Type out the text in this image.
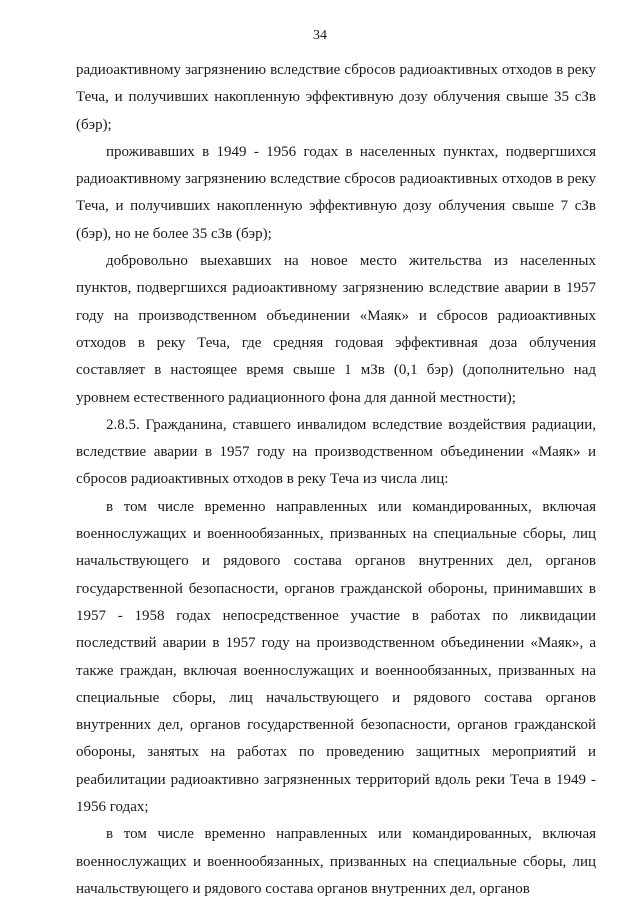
34

радиоактивному загрязнению вследствие сбросов радиоактивных отходов в реку Теча, и получивших накопленную эффективную дозу облучения свыше 35 сЗв (бэр);

проживавших в 1949 - 1956 годах в населенных пунктах, подвергшихся радиоактивному загрязнению вследствие сбросов радиоактивных отходов в реку Теча, и получивших накопленную эффективную дозу облучения свыше 7 сЗв (бэр), но не более 35 сЗв (бэр);

добровольно выехавших на новое место жительства из населенных пунктов, подвергшихся радиоактивному загрязнению вследствие аварии в 1957 году на производственном объединении «Маяк» и сбросов радиоактивных отходов в реку Теча, где средняя годовая эффективная доза облучения составляет в настоящее время свыше 1 мЗв (0,1 бэр) (дополнительно над уровнем естественного радиационного фона для данной местности);

2.8.5. Гражданина, ставшего инвалидом вследствие воздействия радиации, вследствие аварии в 1957 году на производственном объединении «Маяк» и сбросов радиоактивных отходов в реку Теча из числа лиц:

в том числе временно направленных или командированных, включая военнослужащих и военнообязанных, призванных на специальные сборы, лиц начальствующего и рядового состава органов внутренних дел, органов государственной безопасности, органов гражданской обороны, принимавших в 1957 - 1958 годах непосредственное участие в работах по ликвидации последствий аварии в 1957 году на производственном объединении «Маяк», а также граждан, включая военнослужащих и военнообязанных, призванных на специальные сборы, лиц начальствующего и рядового состава органов внутренних дел, органов государственной безопасности, органов гражданской обороны, занятых на работах по проведению защитных мероприятий и реабилитации радиоактивно загрязненных территорий вдоль реки Теча в 1949 - 1956 годах;

в том числе временно направленных или командированных, включая военнослужащих и военнообязанных, призванных на специальные сборы, лиц начальствующего и рядового состава органов внутренних дел, органов
